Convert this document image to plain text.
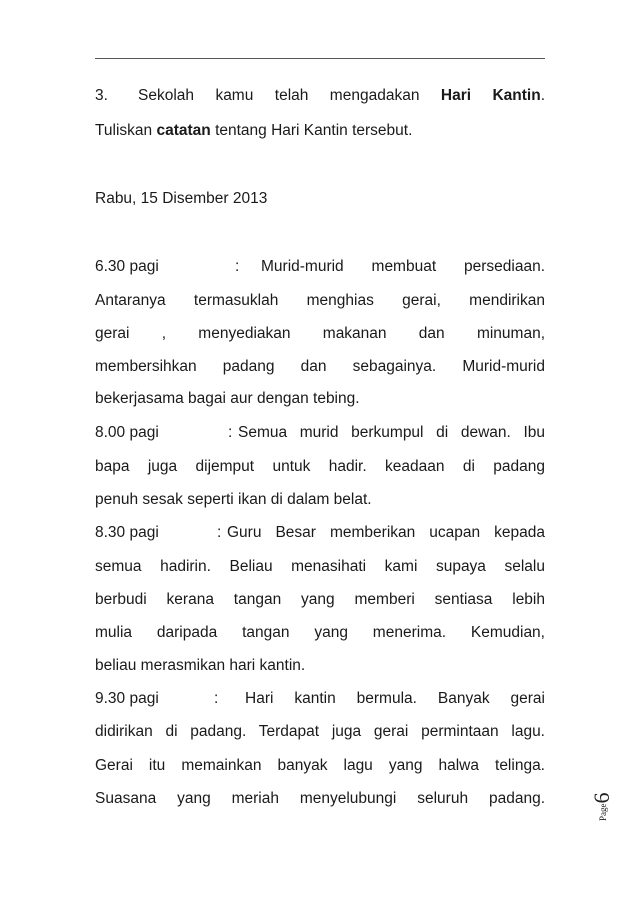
3. Sekolah kamu telah mengadakan Hari Kantin.
Tuliskan catatan tentang Hari Kantin tersebut.
Rabu, 15 Disember 2013
6.30 pagi	: Murid-murid membuat persediaan.
Antaranya termasuklah menghias gerai, mendirikan
gerai , menyediakan makanan dan minuman,
membersihkan padang dan sebagainya. Murid-murid
bekerjasama bagai aur dengan tebing.
8.00 pagi	: Semua murid berkumpul di dewan. Ibu
bapa juga dijemput untuk hadir. keadaan di padang
penuh sesak seperti ikan di dalam belat.
8.30 pagi	: Guru Besar memberikan ucapan kepada
semua hadirin. Beliau menasihati kami supaya selalu
berbudi kerana tangan yang memberi sentiasa lebih
mulia daripada tangan yang menerima. Kemudian,
beliau merasmikan hari kantin.
9.30 pagi	: Hari kantin bermula. Banyak gerai
didirikan di padang. Terdapat juga gerai permintaan lagu.
Gerai itu memainkan banyak lagu yang halwa telinga.
Suasana yang meriah menyelubungi seluruh padang.
Page6
